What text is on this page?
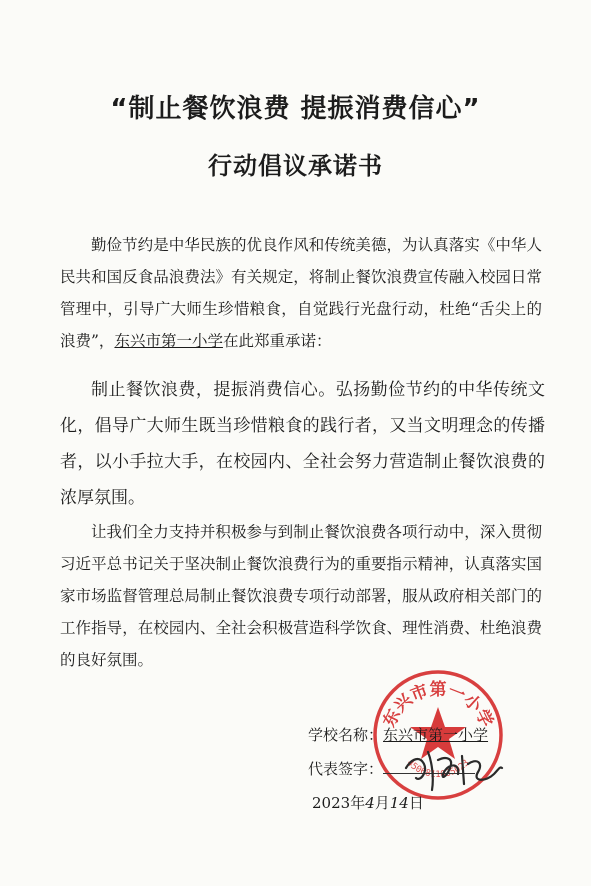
“制止餐饮浪费 提振消费信心”
行动倡议承诺书

勤俭节约是中华民族的优良作风和传统美德，为认真落实《中华人民共和国反食品浪费法》有关规定，将制止餐饮浪费宣传融入校园日常管理中，引导广大师生珍惜粮食，自觉践行光盘行动，杜绝“舌尖上的浪费”，东兴市第一小学在此郑重承诺：

制止餐饮浪费，提振消费信心。弘扬勤俭节约的中华传统文化，倡导广大师生既当珍惜粮食的践行者，又当文明理念的传播者，以小手拉大手，在校园内、全社会努力营造制止餐饮浪费的浓厚氛围。

让我们全力支持并积极参与到制止餐饮浪费各项行动中，深入贯彻习近平总书记关于坚决制止餐饮浪费行为的重要指示精神，认真落实国家市场监督管理总局制止餐饮浪费专项行动部署，服从政府相关部门的工作指导，在校园内、全社会积极营造科学饮食、理性消费、杜绝浪费的良好氛围。

东兴市第一小学
4506811035023
学校名称：东兴市第一小学
代表签字：
2023年4月14日
